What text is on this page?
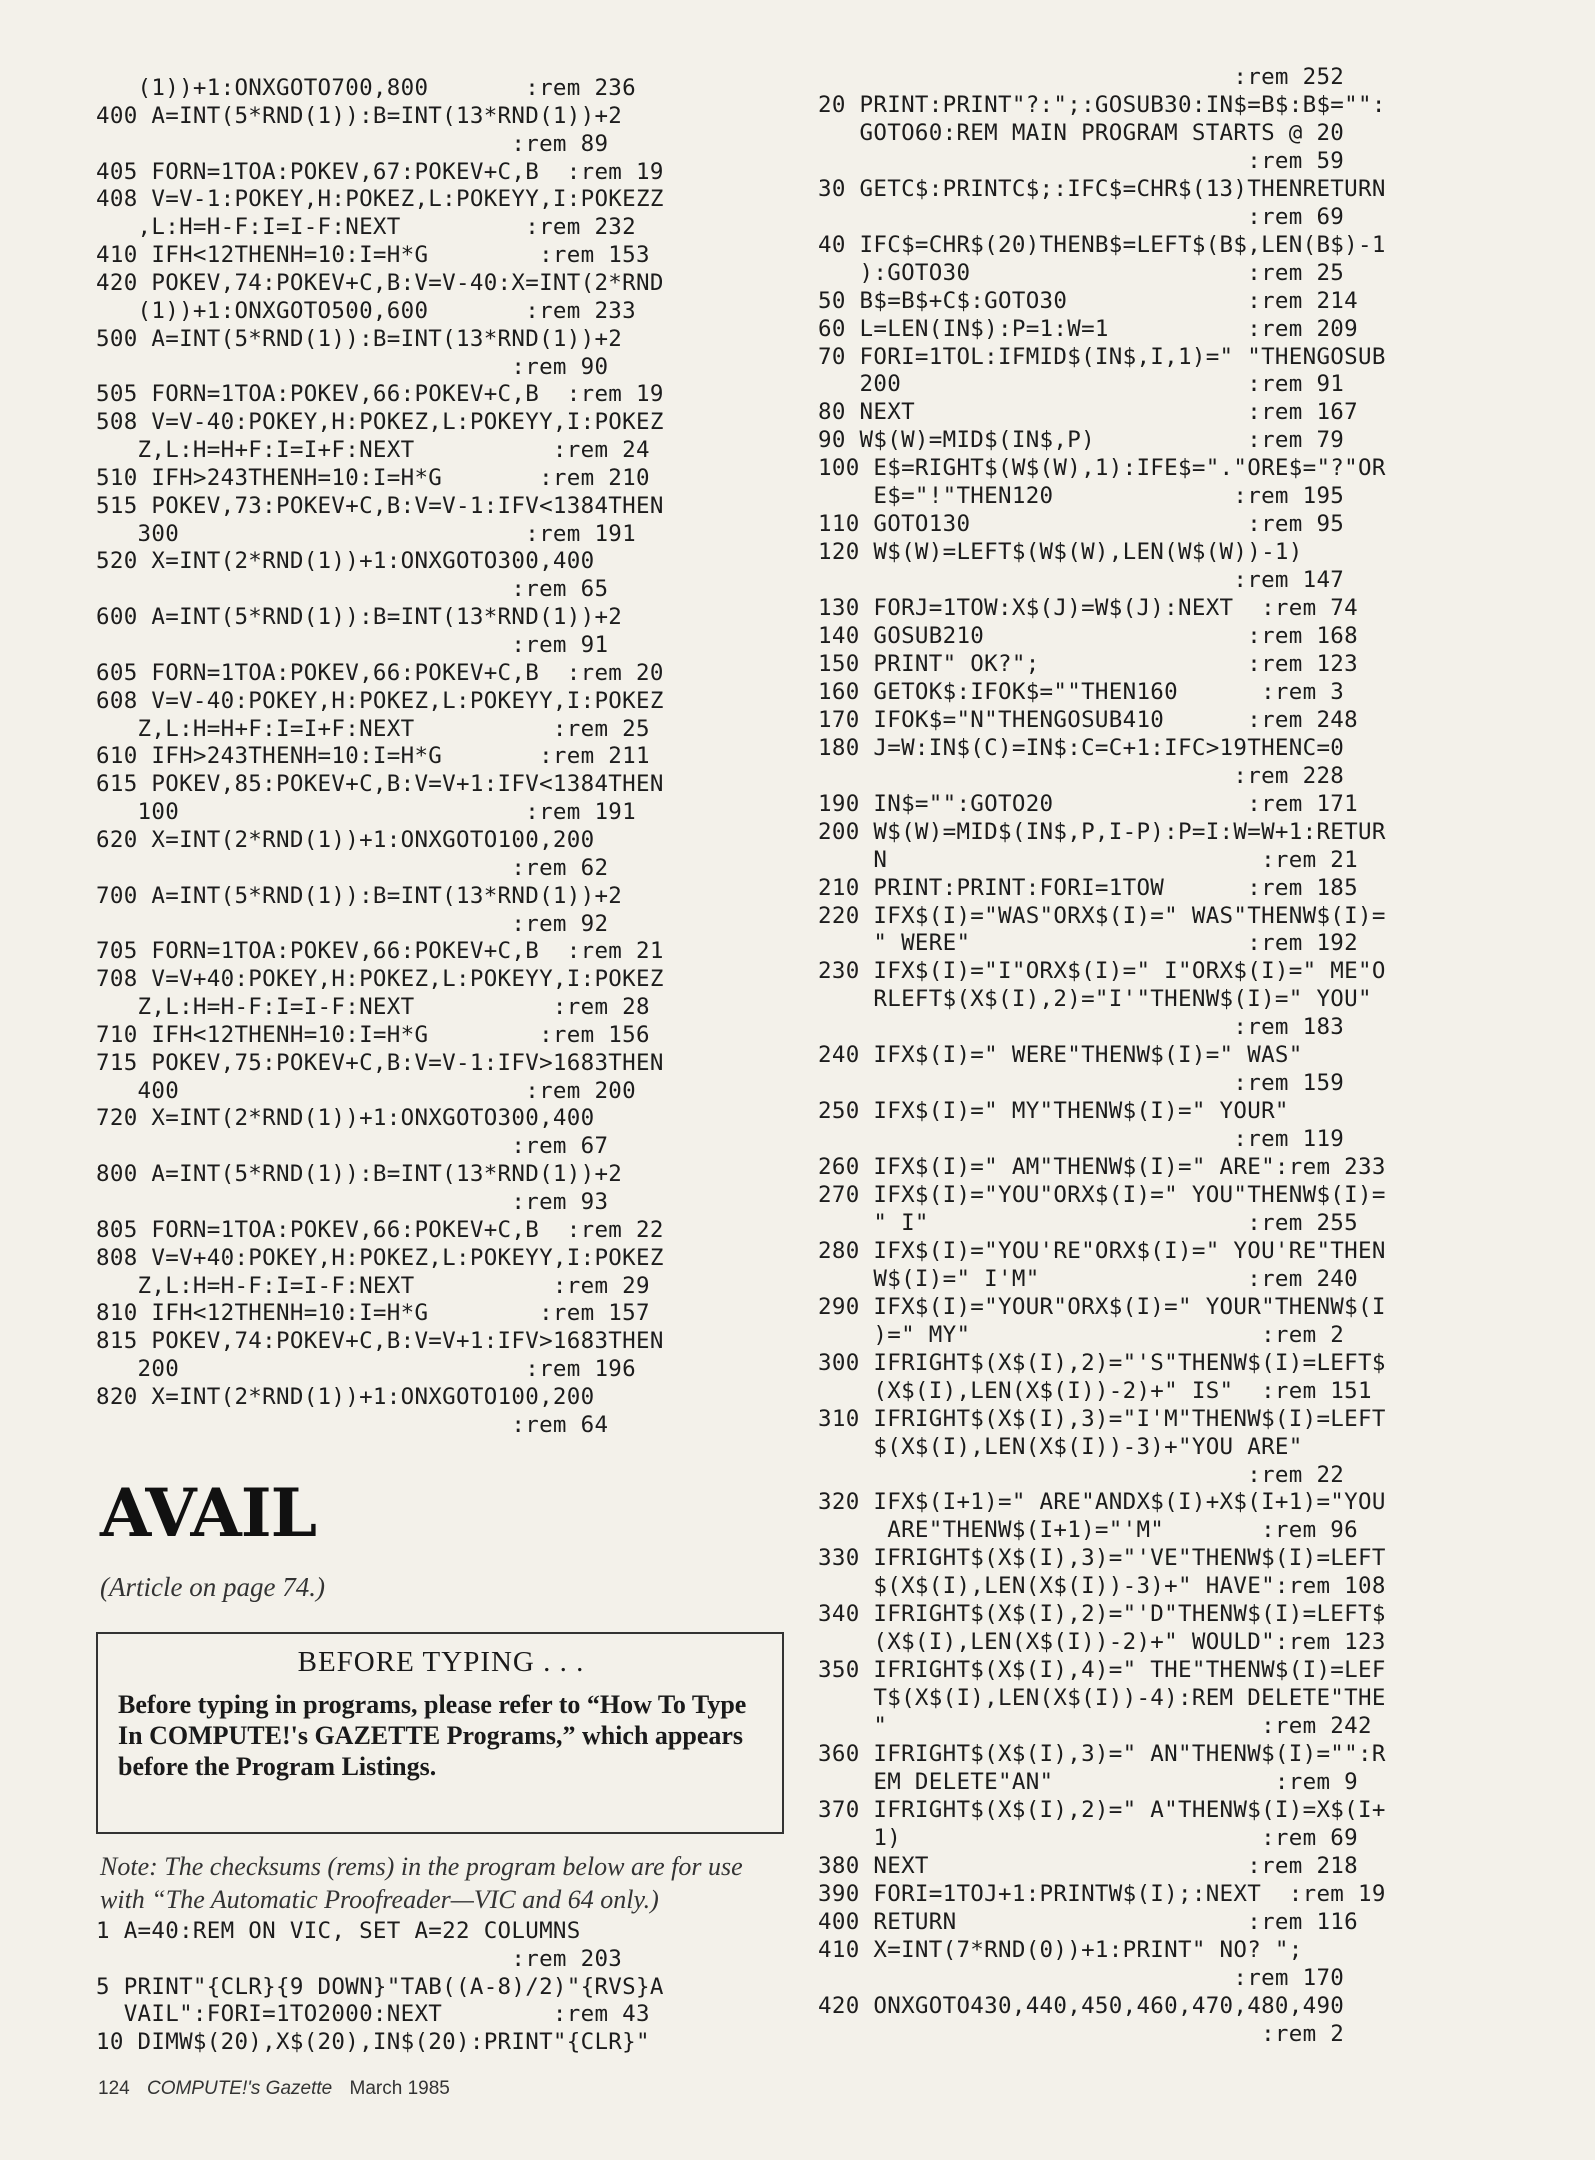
(1))+1:ONXGOTO700,800       :rem 236
400 A=INT(5*RND(1)):B=INT(13*RND(1))+2
:rem 89
405 FORN=1TOA:POKEV,67:POKEV+C,B  :rem 19
408 V=V-1:POKEY,H:POKEZ,L:POKEYY,I:POKEZZ
,L:H=H-F:I=I-F:NEXT         :rem 232
410 IFH<12THENH=10:I=H*G        :rem 153
420 POKEV,74:POKEV+C,B:V=V-40:X=INT(2*RND
(1))+1:ONXGOTO500,600       :rem 233
500 A=INT(5*RND(1)):B=INT(13*RND(1))+2
:rem 90
505 FORN=1TOA:POKEV,66:POKEV+C,B  :rem 19
508 V=V-40:POKEY,H:POKEZ,L:POKEYY,I:POKEZ
Z,L:H=H+F:I=I+F:NEXT          :rem 24
510 IFH>243THENH=10:I=H*G       :rem 210
515 POKEV,73:POKEV+C,B:V=V-1:IFV<1384THEN
300                         :rem 191
520 X=INT(2*RND(1))+1:ONXGOTO300,400
:rem 65
600 A=INT(5*RND(1)):B=INT(13*RND(1))+2
:rem 91
605 FORN=1TOA:POKEV,66:POKEV+C,B  :rem 20
608 V=V-40:POKEY,H:POKEZ,L:POKEYY,I:POKEZ
Z,L:H=H+F:I=I+F:NEXT          :rem 25
610 IFH>243THENH=10:I=H*G       :rem 211
615 POKEV,85:POKEV+C,B:V=V+1:IFV<1384THEN
100                         :rem 191
620 X=INT(2*RND(1))+1:ONXGOTO100,200
:rem 62
700 A=INT(5*RND(1)):B=INT(13*RND(1))+2
:rem 92
705 FORN=1TOA:POKEV,66:POKEV+C,B  :rem 21
708 V=V+40:POKEY,H:POKEZ,L:POKEYY,I:POKEZ
Z,L:H=H-F:I=I-F:NEXT          :rem 28
710 IFH<12THENH=10:I=H*G        :rem 156
715 POKEV,75:POKEV+C,B:V=V-1:IFV>1683THEN
400                         :rem 200
720 X=INT(2*RND(1))+1:ONXGOTO300,400
:rem 67
800 A=INT(5*RND(1)):B=INT(13*RND(1))+2
:rem 93
805 FORN=1TOA:POKEV,66:POKEV+C,B  :rem 22
808 V=V+40:POKEY,H:POKEZ,L:POKEYY,I:POKEZ
Z,L:H=H-F:I=I-F:NEXT          :rem 29
810 IFH<12THENH=10:I=H*G        :rem 157
815 POKEV,74:POKEV+C,B:V=V+1:IFV>1683THEN
200                         :rem 196
820 X=INT(2*RND(1))+1:ONXGOTO100,200
:rem 64
AVAIL
(Article on page 74.)
BEFORE TYPING . . .
Before typing in programs, please refer to “How To Type In COMPUTE!'s GAZETTE Programs,” which appears before the Program Listings.
Note: The checksums (rems) in the program below are for use with “The Automatic Proofreader—VIC and 64 only.)
1 A=40:REM ON VIC, SET A=22 COLUMNS
:rem 203
5 PRINT"{CLR}{9 DOWN}"TAB((A-8)/2)"{RVS}A
VAIL":FORI=1TO2000:NEXT        :rem 43
10 DIMW$(20),X$(20),IN$(20):PRINT"{CLR}"
:rem 252
20 PRINT:PRINT"?:";:GOSUB30:IN$=B$:B$="":
GOTO60:REM MAIN PROGRAM STARTS @ 20
:rem 59
30 GETC$:PRINTC$;:IFC$=CHR$(13)THENRETURN
:rem 69
40 IFC$=CHR$(20)THENB$=LEFT$(B$,LEN(B$)-1
):GOTO30                    :rem 25
50 B$=B$+C$:GOTO30             :rem 214
60 L=LEN(IN$):P=1:W=1          :rem 209
70 FORI=1TOL:IFMID$(IN$,I,1)=" "THENGOSUB
200                         :rem 91
80 NEXT                        :rem 167
90 W$(W)=MID$(IN$,P)           :rem 79
100 E$=RIGHT$(W$(W),1):IFE$="."ORE$="?"OR
E$="!"THEN120             :rem 195
110 GOTO130                    :rem 95
120 W$(W)=LEFT$(W$(W),LEN(W$(W))-1)
:rem 147
130 FORJ=1TOW:X$(J)=W$(J):NEXT  :rem 74
140 GOSUB210                   :rem 168
150 PRINT" OK?";               :rem 123
160 GETOK$:IFOK$=""THEN160      :rem 3
170 IFOK$="N"THENGOSUB410      :rem 248
180 J=W:IN$(C)=IN$:C=C+1:IFC>19THENC=0
:rem 228
190 IN$="":GOTO20              :rem 171
200 W$(W)=MID$(IN$,P,I-P):P=I:W=W+1:RETUR
N                           :rem 21
210 PRINT:PRINT:FORI=1TOW      :rem 185
220 IFX$(I)="WAS"ORX$(I)=" WAS"THENW$(I)=
" WERE"                    :rem 192
230 IFX$(I)="I"ORX$(I)=" I"ORX$(I)=" ME"O
RLEFT$(X$(I),2)="I'"THENW$(I)=" YOU"
:rem 183
240 IFX$(I)=" WERE"THENW$(I)=" WAS"
:rem 159
250 IFX$(I)=" MY"THENW$(I)=" YOUR"
:rem 119
260 IFX$(I)=" AM"THENW$(I)=" ARE":rem 233
270 IFX$(I)="YOU"ORX$(I)=" YOU"THENW$(I)=
" I"                       :rem 255
280 IFX$(I)="YOU'RE"ORX$(I)=" YOU'RE"THEN
W$(I)=" I'M"               :rem 240
290 IFX$(I)="YOUR"ORX$(I)=" YOUR"THENW$(I
)=" MY"                     :rem 2
300 IFRIGHT$(X$(I),2)="'S"THENW$(I)=LEFT$
(X$(I),LEN(X$(I))-2)+" IS"  :rem 151
310 IFRIGHT$(X$(I),3)="I'M"THENW$(I)=LEFT
$(X$(I),LEN(X$(I))-3)+"YOU ARE"
:rem 22
320 IFX$(I+1)=" ARE"ANDX$(I)+X$(I+1)="YOU
ARE"THENW$(I+1)="'M"       :rem 96
330 IFRIGHT$(X$(I),3)="'VE"THENW$(I)=LEFT
$(X$(I),LEN(X$(I))-3)+" HAVE":rem 108
340 IFRIGHT$(X$(I),2)="'D"THENW$(I)=LEFT$
(X$(I),LEN(X$(I))-2)+" WOULD":rem 123
350 IFRIGHT$(X$(I),4)=" THE"THENW$(I)=LEF
T$(X$(I),LEN(X$(I))-4):REM DELETE"THE
"                           :rem 242
360 IFRIGHT$(X$(I),3)=" AN"THENW$(I)="":R
EM DELETE"AN"                :rem 9
370 IFRIGHT$(X$(I),2)=" A"THENW$(I)=X$(I+
1)                          :rem 69
380 NEXT                       :rem 218
390 FORI=1TOJ+1:PRINTW$(I);:NEXT  :rem 19
400 RETURN                     :rem 116
410 X=INT(7*RND(0))+1:PRINT" NO? ";
:rem 170
420 ONXGOTO430,440,450,460,470,480,490
:rem 2
124 COMPUTE!'s Gazette March 1985
